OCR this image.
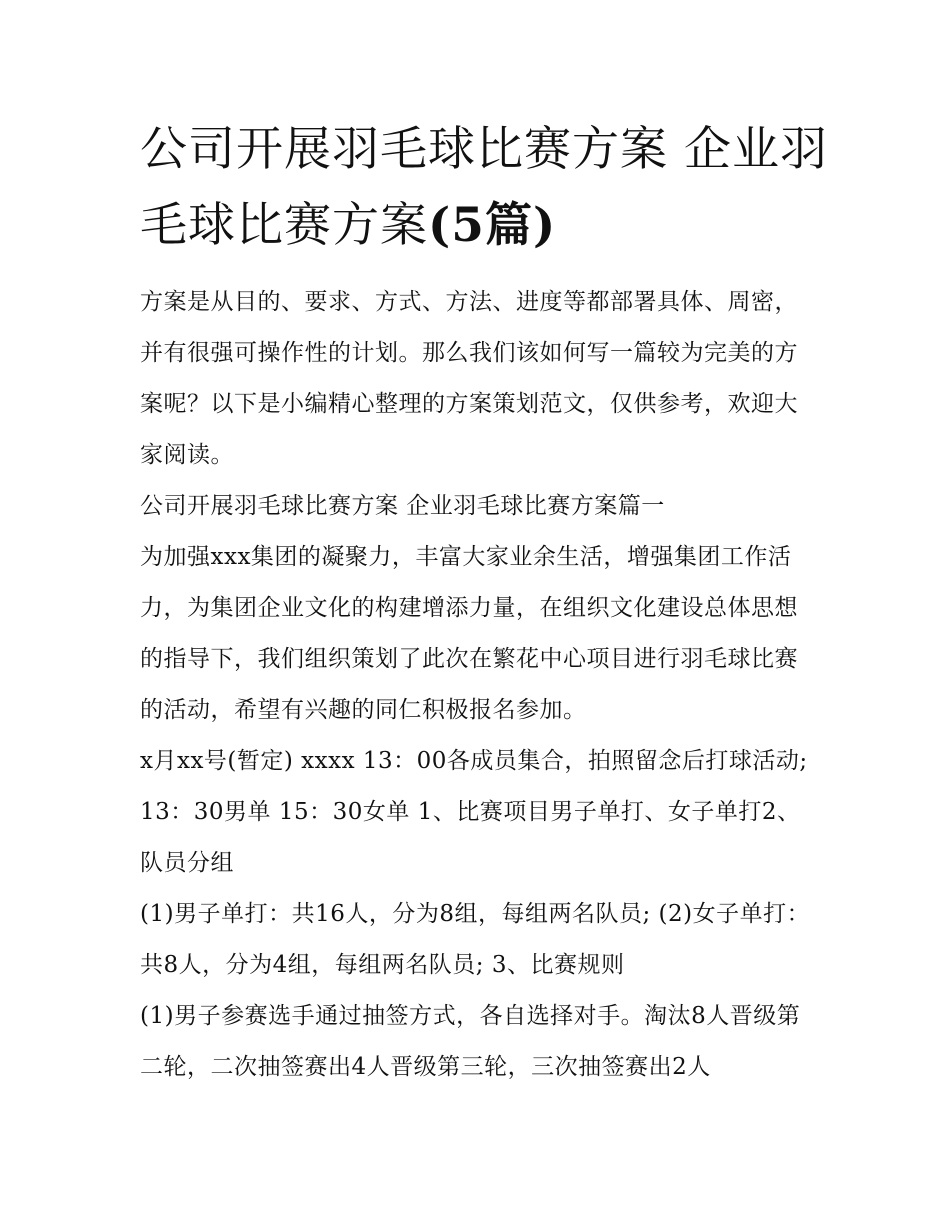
公司开展羽毛球比赛方案 企业羽毛球比赛方案(5篇)

方案是从目的、要求、方式、方法、进度等都部署具体、周密，并有很强可操作性的计划。那么我们该如何写一篇较为完美的方案呢？以下是小编精心整理的方案策划范文，仅供参考，欢迎大家阅读。

公司开展羽毛球比赛方案 企业羽毛球比赛方案篇一

为加强xxx集团的凝聚力，丰富大家业余生活，增强集团工作活力，为集团企业文化的构建增添力量，在组织文化建设总体思想的指导下，我们组织策划了此次在繁花中心项目进行羽毛球比赛的活动，希望有兴趣的同仁积极报名参加。

x月xx号(暂定) xxxx 13：00各成员集合，拍照留念后打球活动; 13：30男单 15：30女单 1、比赛项目男子单打、女子单打2、队员分组

(1)男子单打：共16人，分为8组，每组两名队员; (2)女子单打：共8人，分为4组，每组两名队员; 3、比赛规则

(1)男子参赛选手通过抽签方式，各自选择对手。淘汰8人晋级第二轮，二次抽签赛出4人晋级第三轮，三次抽签赛出2人
